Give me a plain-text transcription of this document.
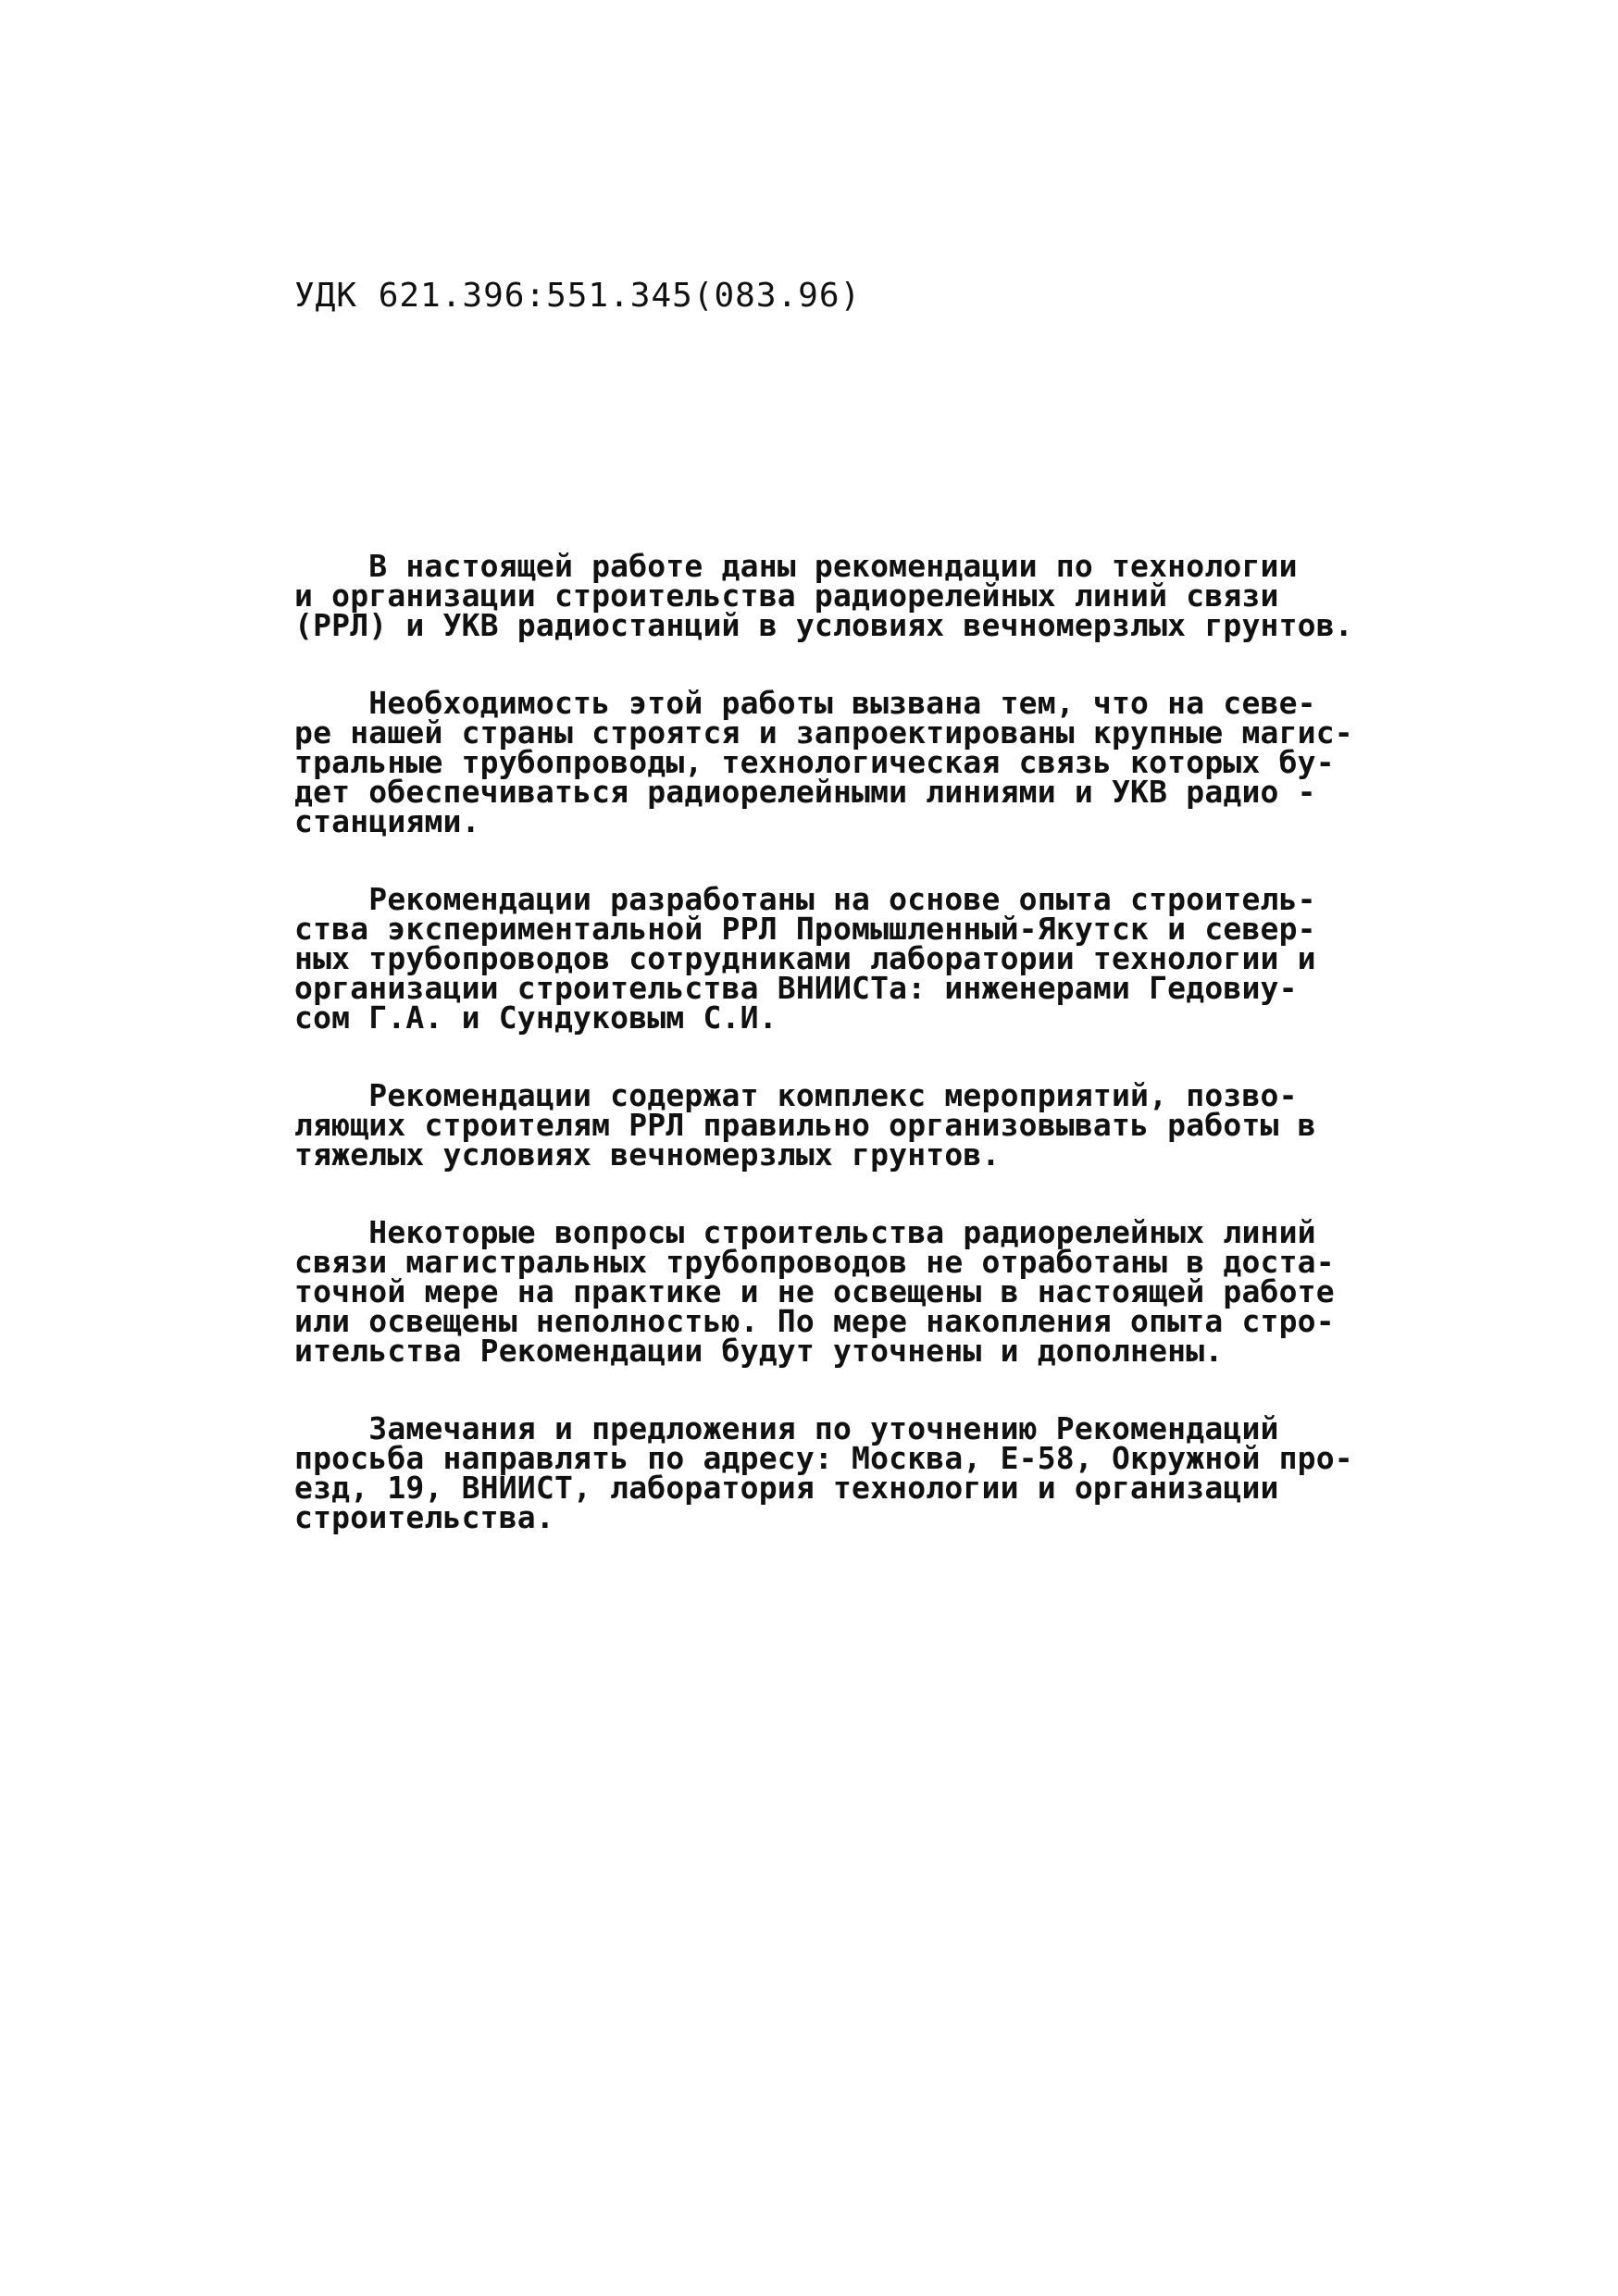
УДК 621.396:551.345(083.96)

В настоящей работе даны рекомендации по технологии
и организации строительства радиорелейных линий связи
(РРЛ) и УКВ радиостанций в условиях вечномерзлых грунтов.

Необходимость этой работы вызвана тем, что на севе-
ре нашей страны строятся и запроектированы крупные магис-
тральные трубопроводы, технологическая связь которых бу-
дет обеспечиваться радиорелейными линиями и УКВ радио -
станциями.

Рекомендации разработаны на основе опыта строитель-
ства экспериментальной РРЛ Промышленный-Якутск и север-
ных трубопроводов сотрудниками лаборатории технологии и
организации строительства ВНИИСТа: инженерами Гедовиу-
сом Г.А. и Сундуковым С.И.

Рекомендации содержат комплекс мероприятий, позво-
ляющих строителям РРЛ правильно организовывать работы в
тяжелых условиях вечномерзлых грунтов.

Некоторые вопросы строительства радиорелейных линий
связи магистральных трубопроводов не отработаны в доста-
точной мере на практике и не освещены в настоящей работе
или освещены неполностью. По мере накопления опыта стро-
ительства Рекомендации будут уточнены и дополнены.

Замечания и предложения по уточнению Рекомендаций
просьба направлять по адресу: Москва, Е-58, Окружной про-
езд, 19, ВНИИСТ, лаборатория технологии и организации
строительства.
